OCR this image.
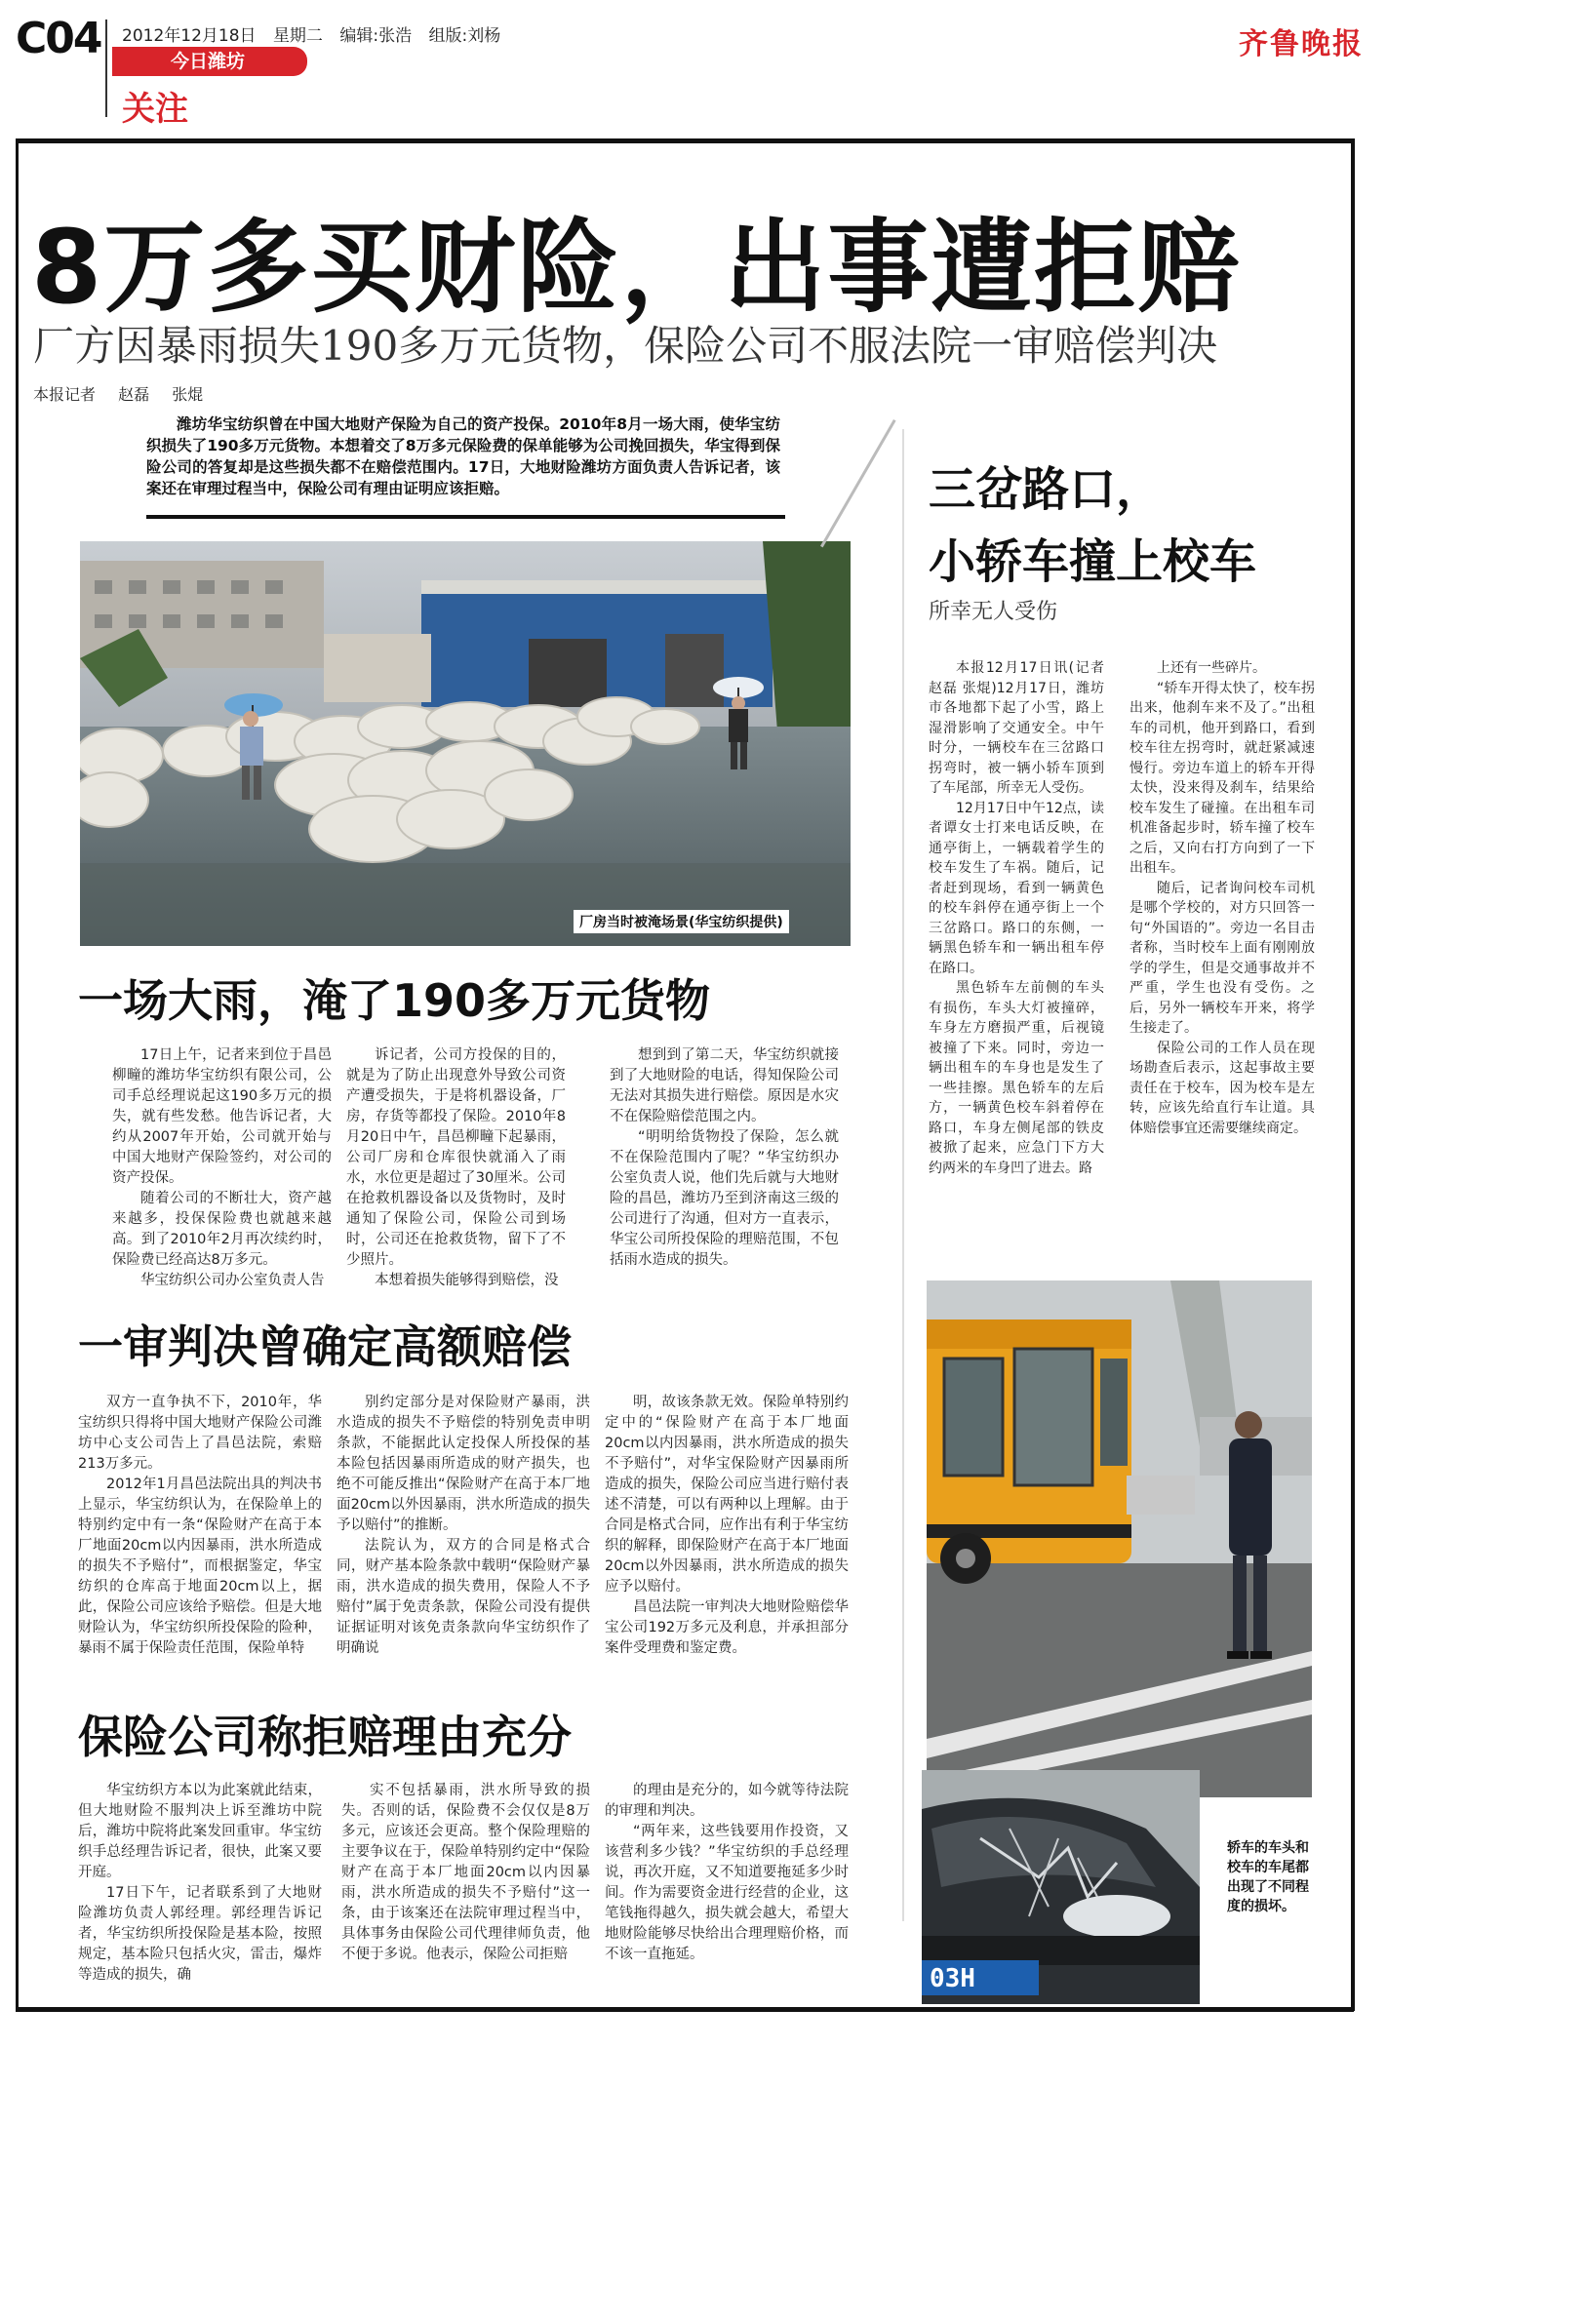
C04 2012年12月18日 星期二 编辑:张浩 组版:刘杨
今日潍坊
关注
齐鲁晚报
8万多买财险，出事遭拒赔
厂方因暴雨损失190多万元货物，保险公司不服法院一审赔偿判决
本报记者 赵磊 张焜
潍坊华宝纺织曾在中国大地财产保险为自己的资产投保。2010年8月一场大雨，使华宝纺织损失了190多万元货物。本想着交了8万多元保险费的保单能够为公司挽回损失，华宝得到保险公司的答复却是这些损失都不在赔偿范围内。17日，大地财险潍坊方面负责人告诉记者，该案还在审理过程当中，保险公司有理由证明应该拒赔。
厂房当时被淹场景(华宝纺织提供)
一场大雨，淹了190多万元货物

17日上午，记者来到位于昌邑柳疃的潍坊华宝纺织有限公司，公司手总经理说起这190多万元的损失，就有些发愁。他告诉记者，大约从2007年开始，公司就开始与中国大地财产保险签约，对公司的资产投保。

随着公司的不断壮大，资产越来越多，投保保险费也就越来越高。到了2010年2月再次续约时，保险费已经高达8万多元。

华宝纺织公司办公室负责人告

诉记者，公司方投保的目的，就是为了防止出现意外导致公司资产遭受损失，于是将机器设备，厂房，存货等都投了保险。2010年8月20日中午，昌邑柳疃下起暴雨，公司厂房和仓库很快就涌入了雨水，水位更是超过了30厘米。公司在抢救机器设备以及货物时，及时通知了保险公司，保险公司到场时，公司还在抢救货物，留下了不少照片。

本想着损失能够得到赔偿，没

想到到了第二天，华宝纺织就接到了大地财险的电话，得知保险公司无法对其损失进行赔偿。原因是水灾不在保险赔偿范围之内。

“明明给货物投了保险，怎么就不在保险范围内了呢？”华宝纺织办公室负责人说，他们先后就与大地财险的昌邑，潍坊乃至到济南这三级的公司进行了沟通，但对方一直表示，华宝公司所投保险的理赔范围，不包括雨水造成的损失。

一审判决曾确定高额赔偿

双方一直争执不下，2010年，华宝纺织只得将中国大地财产保险公司潍坊中心支公司告上了昌邑法院，索赔213万多元。

2012年1月昌邑法院出具的判决书上显示，华宝纺织认为，在保险单上的特别约定中有一条“保险财产在高于本厂地面20cm以内因暴雨，洪水所造成的损失不予赔付”，而根据鉴定，华宝纺织的仓库高于地面20cm以上，据此，保险公司应该给予赔偿。但是大地财险认为，华宝纺织所投保险的险种，暴雨不属于保险责任范围，保险单特

别约定部分是对保险财产暴雨，洪水造成的损失不予赔偿的特别免责申明条款，不能据此认定投保人所投保的基本险包括因暴雨所造成的财产损失，也绝不可能反推出“保险财产在高于本厂地面20cm以外因暴雨，洪水所造成的损失予以赔付”的推断。

法院认为，双方的合同是格式合同，财产基本险条款中载明“保险财产暴雨，洪水造成的损失费用，保险人不予赔付”属于免责条款，保险公司没有提供证据证明对该免责条款向华宝纺织作了明确说

明，故该条款无效。保险单特别约定中的“保险财产在高于本厂地面20cm以内因暴雨，洪水所造成的损失不予赔付”，对华宝保险财产因暴雨所造成的损失，保险公司应当进行赔付表述不清楚，可以有两种以上理解。由于合同是格式合同，应作出有利于华宝纺织的解释，即保险财产在高于本厂地面20cm以外因暴雨，洪水所造成的损失应予以赔付。

昌邑法院一审判决大地财险赔偿华宝公司192万多元及利息，并承担部分案件受理费和鉴定费。

保险公司称拒赔理由充分

华宝纺织方本以为此案就此结束，但大地财险不服判决上诉至潍坊中院后，潍坊中院将此案发回重审。华宝纺织手总经理告诉记者，很快，此案又要开庭。

17日下午，记者联系到了大地财险潍坊负责人郭经理。郭经理告诉记者，华宝纺织所投保险是基本险，按照规定，基本险只包括火灾，雷击，爆炸等造成的损失，确

实不包括暴雨，洪水所导致的损失。否则的话，保险费不会仅仅是8万多元，应该还会更高。整个保险理赔的主要争议在于，保险单特别约定中“保险财产在高于本厂地面20cm以内因暴雨，洪水所造成的损失不予赔付”这一条，由于该案还在法院审理过程当中，具体事务由保险公司代理律师负责，他不便于多说。他表示，保险公司拒赔

的理由是充分的，如今就等待法院的审理和判决。

“两年来，这些钱要用作投资，又该营利多少钱？”华宝纺织的手总经理说，再次开庭，又不知道要拖延多少时间。作为需要资金进行经营的企业，这笔钱拖得越久，损失就会越大，希望大地财险能够尽快给出合理理赔价格，而不该一直拖延。

三岔路口，
小轿车撞上校车
所幸无人受伤

本报12月17日讯(记者 赵磊 张焜)12月17日，潍坊市各地都下起了小雪，路上湿滑影响了交通安全。中午时分，一辆校车在三岔路口拐弯时，被一辆小轿车顶到了车尾部，所幸无人受伤。

12月17日中午12点，读者谭女士打来电话反映，在通亭街上，一辆载着学生的校车发生了车祸。随后，记者赶到现场，看到一辆黄色的校车斜停在通亭街上一个三岔路口。路口的东侧，一辆黑色轿车和一辆出租车停在路口。

黑色轿车左前侧的车头有损伤，车头大灯被撞碎，车身左方磨损严重，后视镜被撞了下来。同时，旁边一辆出租车的车身也是发生了一些挂擦。黑色轿车的左后方，一辆黄色校车斜着停在路口，车身左侧尾部的铁皮被掀了起来，应急门下方大约两米的车身凹了进去。路

上还有一些碎片。

“轿车开得太快了，校车拐出来，他刹车来不及了。”出租车的司机，他开到路口，看到校车往左拐弯时，就赶紧减速慢行。旁边车道上的轿车开得太快，没来得及刹车，结果给校车发生了碰撞。在出租车司机准备起步时，轿车撞了校车之后，又向右打方向到了一下出租车。

随后，记者询问校车司机是哪个学校的，对方只回答一句“外国语的”。旁边一名目击者称，当时校车上面有刚刚放学的学生，但是交通事故并不严重，学生也没有受伤。之后，另外一辆校车开来，将学生接走了。

保险公司的工作人员在现场勘查后表示，这起事故主要责任在于校车，因为校车是左转，应该先给直行车让道。具体赔偿事宜还需要继续商定。

03H
轿车的车头和校车的车尾都出现了不同程度的损坏。
